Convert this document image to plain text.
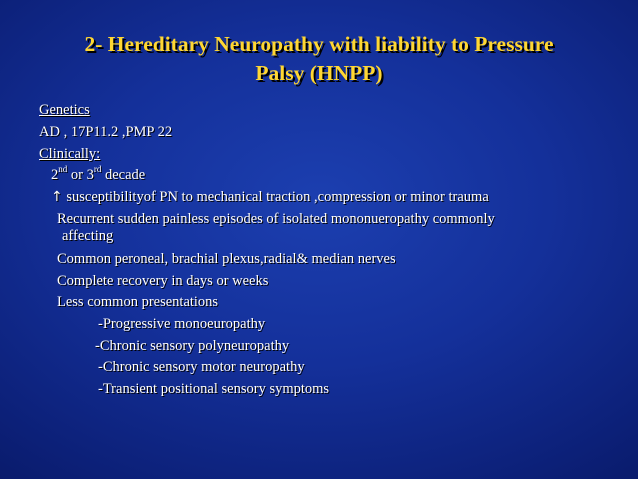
2- Hereditary Neuropathy with liability to Pressure
Palsy (HNPP)
Genetics
AD , 17P11.2 ,PMP 22
Clinically:
2nd or 3rd decade
↑ susceptibilityof PN to mechanical traction ,compression or minor trauma
Recurrent sudden painless episodes of isolated mononueropathy commonly
affecting
Common peroneal, brachial plexus,radial& median nerves
Complete recovery in days or weeks
Less common presentations
-Progressive monoeuropathy
-Chronic sensory polyneuropathy
-Chronic sensory motor neuropathy
-Transient positional sensory symptoms
